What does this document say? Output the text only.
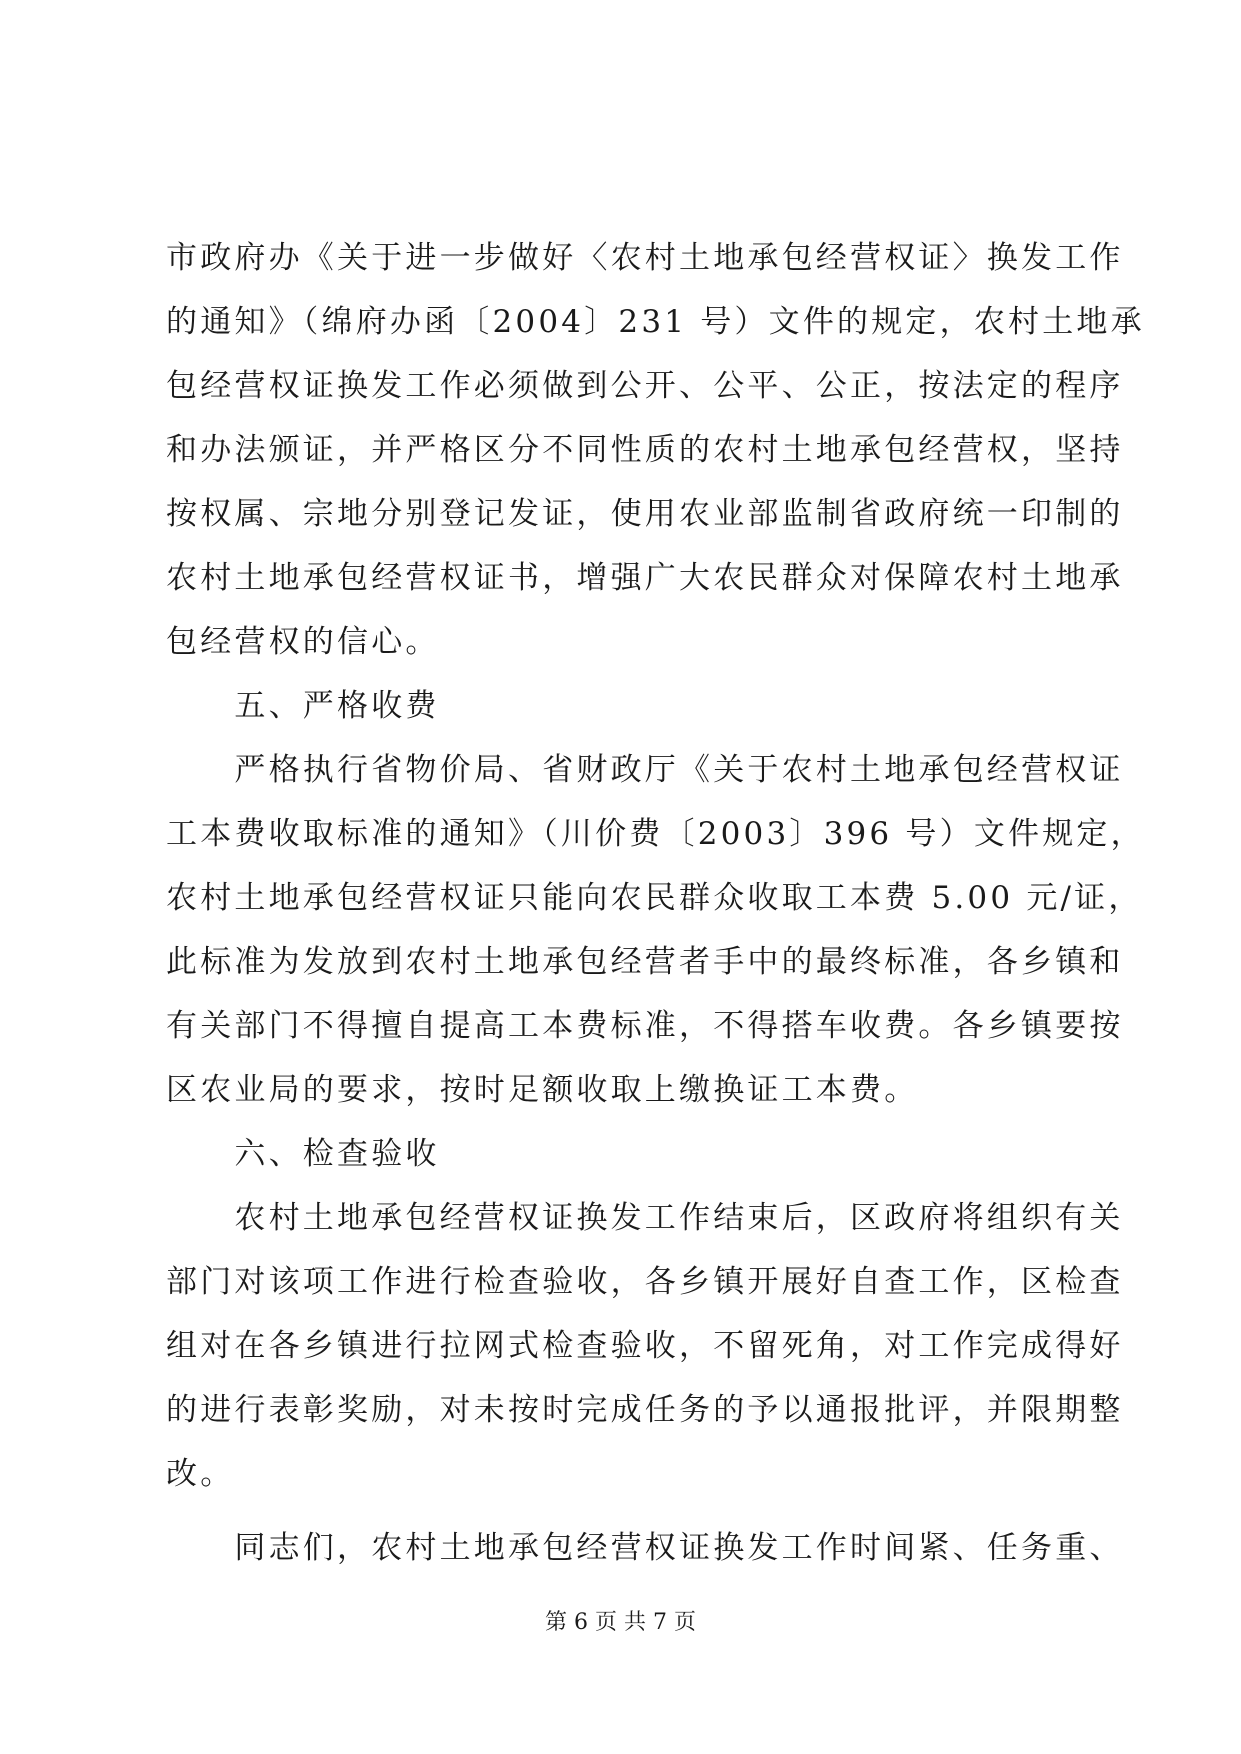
市政府办《关于进一步做好〈农村土地承包经营权证〉换发工作
的通知》（绵府办函〔2004〕231 号）文件的规定，农村土地承
包经营权证换发工作必须做到公开、公平、公正，按法定的程序
和办法颁证，并严格区分不同性质的农村土地承包经营权，坚持
按权属、宗地分别登记发证，使用农业部监制省政府统一印制的
农村土地承包经营权证书，增强广大农民群众对保障农村土地承
包经营权的信心。
　　五、严格收费
　　严格执行省物价局、省财政厅《关于农村土地承包经营权证
工本费收取标准的通知》（川价费〔2003〕396 号）文件规定，
农村土地承包经营权证只能向农民群众收取工本费 5.00 元/证，
此标准为发放到农村土地承包经营者手中的最终标准，各乡镇和
有关部门不得擅自提高工本费标准，不得搭车收费。各乡镇要按
区农业局的要求，按时足额收取上缴换证工本费。
　　六、检查验收
　　农村土地承包经营权证换发工作结束后，区政府将组织有关
部门对该项工作进行检查验收，各乡镇开展好自查工作，区检查
组对在各乡镇进行拉网式检查验收，不留死角，对工作完成得好
的进行表彰奖励，对未按时完成任务的予以通报批评，并限期整
改。
　　同志们，农村土地承包经营权证换发工作时间紧、任务重、
第 6 页 共 7 页
